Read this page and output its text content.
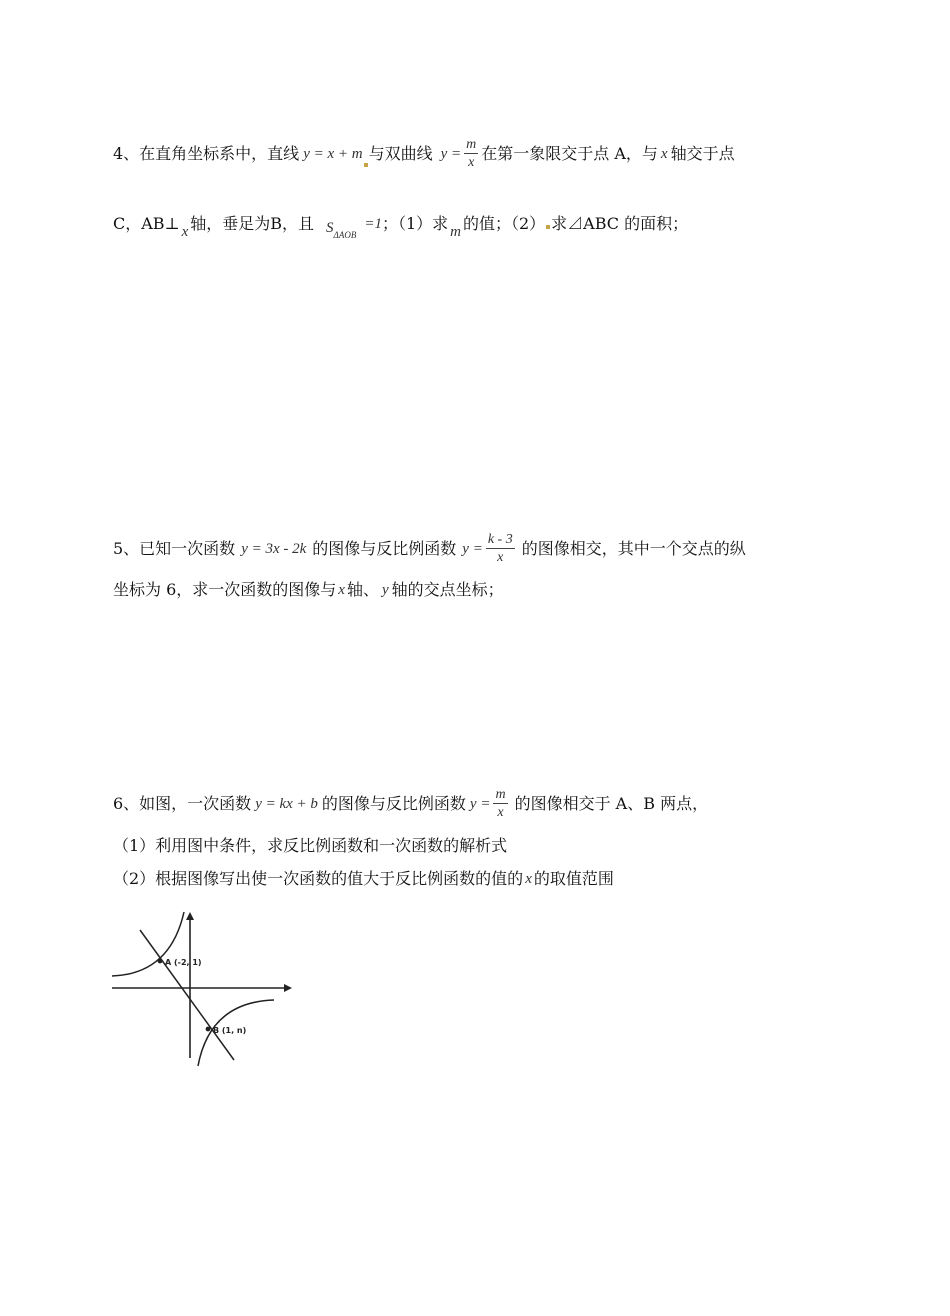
4、在直角坐标系中，直线 y = x + m 与双曲线 $y = \frac{m}{x}$ 在第一象限交于点 A，与 x 轴交于点
C，AB⊥ x 轴，垂足为B，且 $S_{\Delta AOB}$
=1 ；（1）求 m 的值；（2） 求⊿ABC 的面积；
5、已知一次函数 y = 3x - 2k 的图像与反比例函数 $y = \frac{k - 3}{x}$ 的图像相交，其中一个交点的纵
坐标为 6，求一次函数的图像与 x 轴、 y 轴的交点坐标；
6、如图，一次函数 y = kx + b 的图像与反比例函数 $y = \frac{m}{x}$ 的图像相交于 A、B 两点，
（1）利用图中条件，求反比例函数和一次函数的解析式
（2）根据图像写出使一次函数的值大于反比例函数的值的 x 的取值范围
A (-2, 1)
B (1, n)
